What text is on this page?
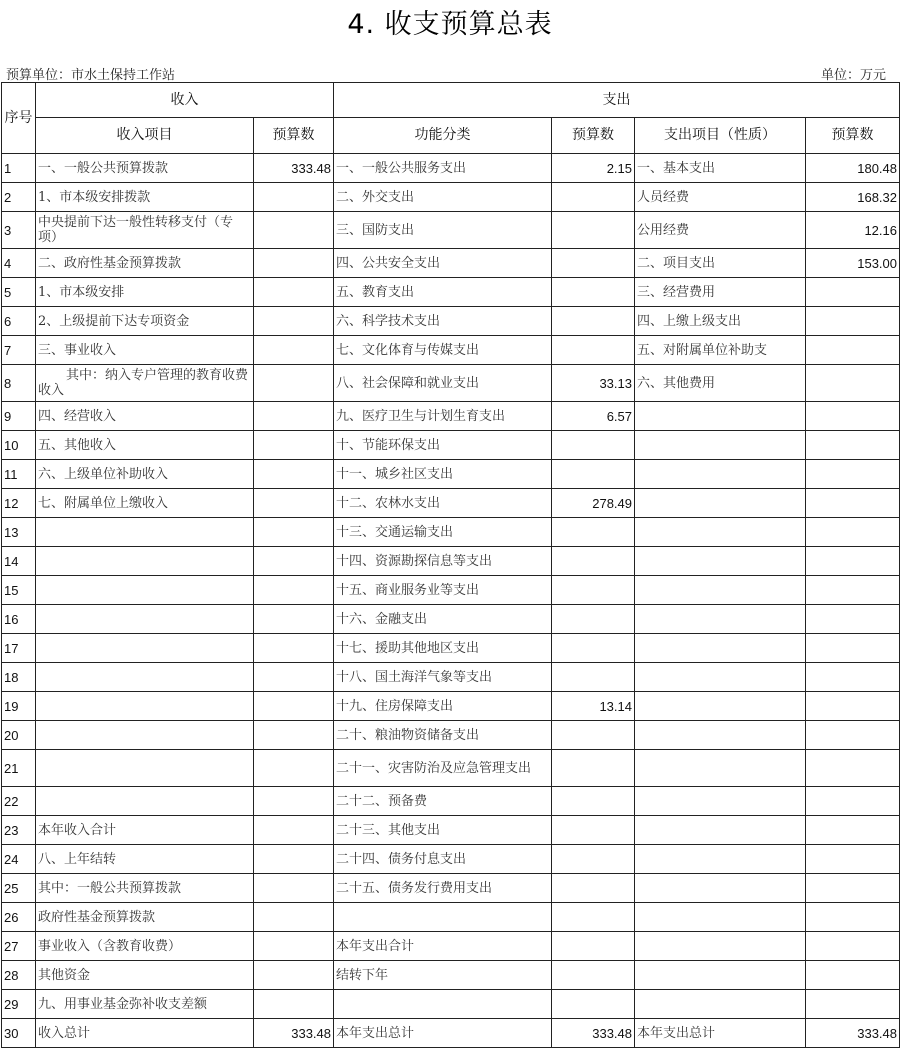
4. 收支预算总表
预算单位：市水土保持工作站	单位：万元
序号	收入		支出			
	收入项目	预算数	功能分类	预算数	支出项目（性质）	预算数
1	一、一般公共预算拨款	333.48	一、一般公共服务支出	2.15	一、基本支出	180.48
2	1、市本级安排拨款		二、外交支出		人员经费	168.32
3	中央提前下达一般性转移支付（专项）		三、国防支出		公用经费	12.16
4	二、政府性基金预算拨款		四、公共安全支出		二、项目支出	153.00
5	1、市本级安排		五、教育支出		三、经营费用	
6	2、上级提前下达专项资金		六、科学技术支出		四、上缴上级支出	
7	三、事业收入		七、文化体育与传媒支出		五、对附属单位补助支	
8	其中：纳入专户管理的教育收费收入		八、社会保障和就业支出	33.13	六、其他费用	
9	四、经营收入		九、医疗卫生与计划生育支出	6.57		
10	五、其他收入		十、节能环保支出			
11	六、上级单位补助收入		十一、城乡社区支出			
12	七、附属单位上缴收入		十二、农林水支出	278.49		
13			十三、交通运输支出			
14			十四、资源勘探信息等支出			
15			十五、商业服务业等支出			
16			十六、金融支出			
17			十七、援助其他地区支出			
18			十八、国土海洋气象等支出			
19			十九、住房保障支出	13.14		
20			二十、粮油物资储备支出			
21			二十一、灾害防治及应急管理支出			
22			二十二、预备费			
23	本年收入合计		二十三、其他支出			
24	八、上年结转		二十四、债务付息支出			
25	其中：一般公共预算拨款		二十五、债务发行费用支出			
26	政府性基金预算拨款					
27	事业收入（含教育收费）		本年支出合计			
28	其他资金		结转下年			
29	九、用事业基金弥补收支差额					
30	收入总计	333.48	本年支出总计	333.48	本年支出总计	333.48
